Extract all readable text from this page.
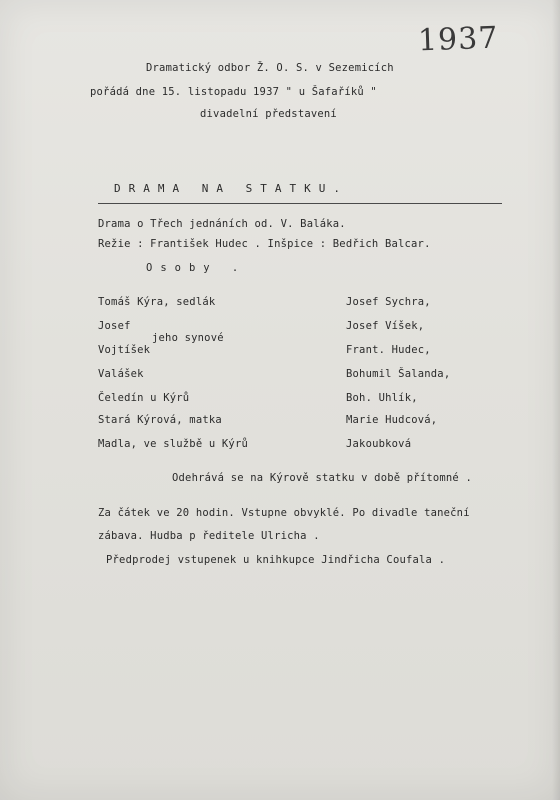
1937
Dramatický odbor Ž. O. S. v Sezemicích
pořádá dne 15. listopadu 1937 " u Šafaříků "
divadelní představení
DRAMA NA STATKU.
Drama o Třech jednáních od. V. Baláka.
Režie : František Hudec . Inšpice : Bedřich Balcar.
Osoby .
Tomáš Kýra, sedlák
Josef
jeho synové
Vojtíšek
Valášek
Čeledín u Kýrů
Stará Kýrová, matka
Madla, ve službě u Kýrů
Josef Sychra,
Josef Víšek,
Frant. Hudec,
Bohumil Šalanda,
Boh. Uhlík,
Marie Hudcová,
Jakoubková
Odehrává se na Kýrově statku v době přítomné .
Za čátek ve 20 hodin. Vstupne obvyklé. Po divadle taneční
zábava. Hudba p ředitele Ulricha .
Předprodej vstupenek u knihkupce Jindřicha Coufala .
